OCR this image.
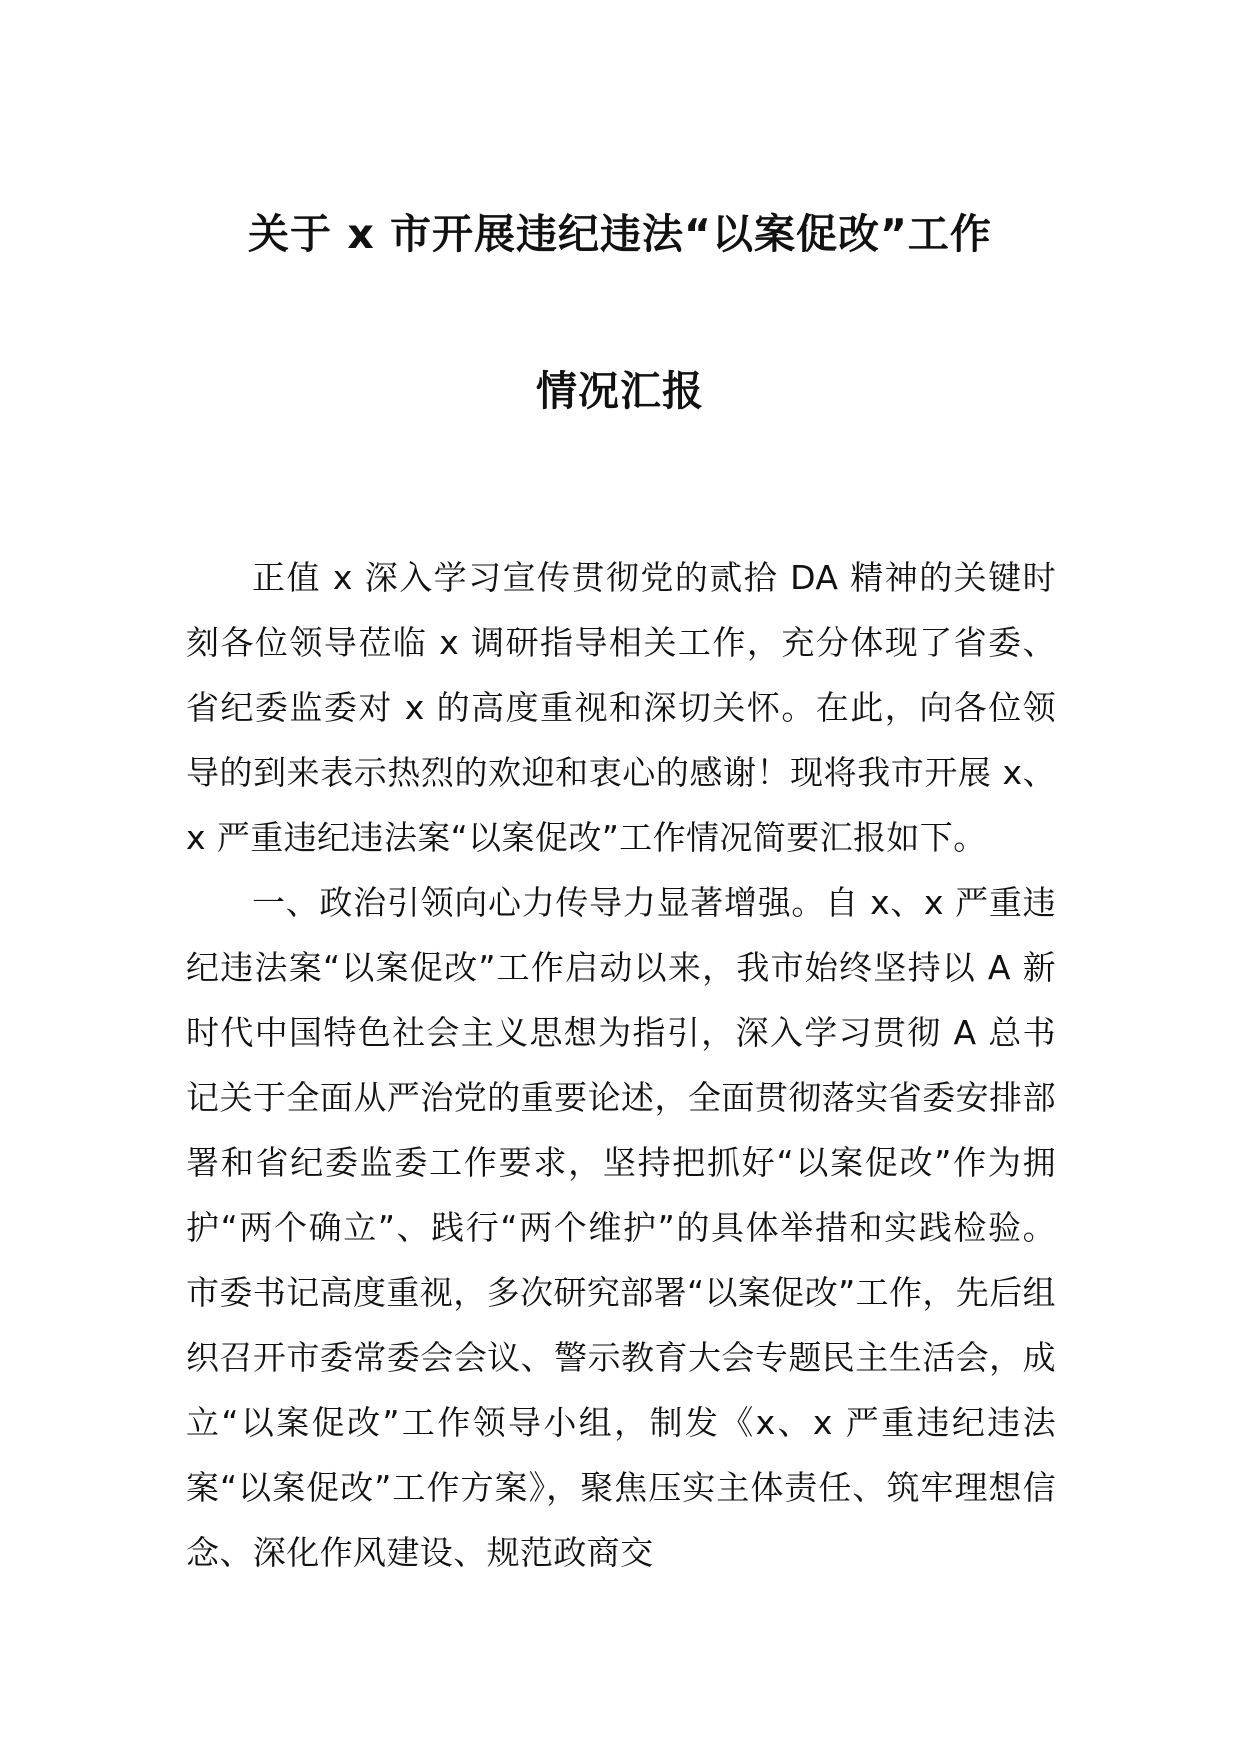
关于 x 市开展违纪违法“以案促改”工作
情况汇报

正值 x 深入学习宣传贯彻党的贰拾 DA 精神的关键时刻各位领导莅临 x 调研指导相关工作，充分体现了省委、省纪委监委对 x 的高度重视和深切关怀。在此，向各位领导的到来表示热烈的欢迎和衷心的感谢！现将我市开展 x、x 严重违纪违法案“以案促改”工作情况简要汇报如下。

一、政治引领向心力传导力显著增强。自 x、x 严重违纪违法案“以案促改”工作启动以来，我市始终坚持以 A 新时代中国特色社会主义思想为指引，深入学习贯彻 A 总书记关于全面从严治党的重要论述，全面贯彻落实省委安排部署和省纪委监委工作要求，坚持把抓好“以案促改”作为拥护“两个确立”、践行“两个维护”的具体举措和实践检验。市委书记高度重视，多次研究部署“以案促改”工作，先后组织召开市委常委会会议、警示教育大会专题民主生活会，成立“以案促改”工作领导小组，制发《x、x 严重违纪违法案“以案促改”工作方案》，聚焦压实主体责任、筑牢理想信念、深化作风建设、规范政商交
